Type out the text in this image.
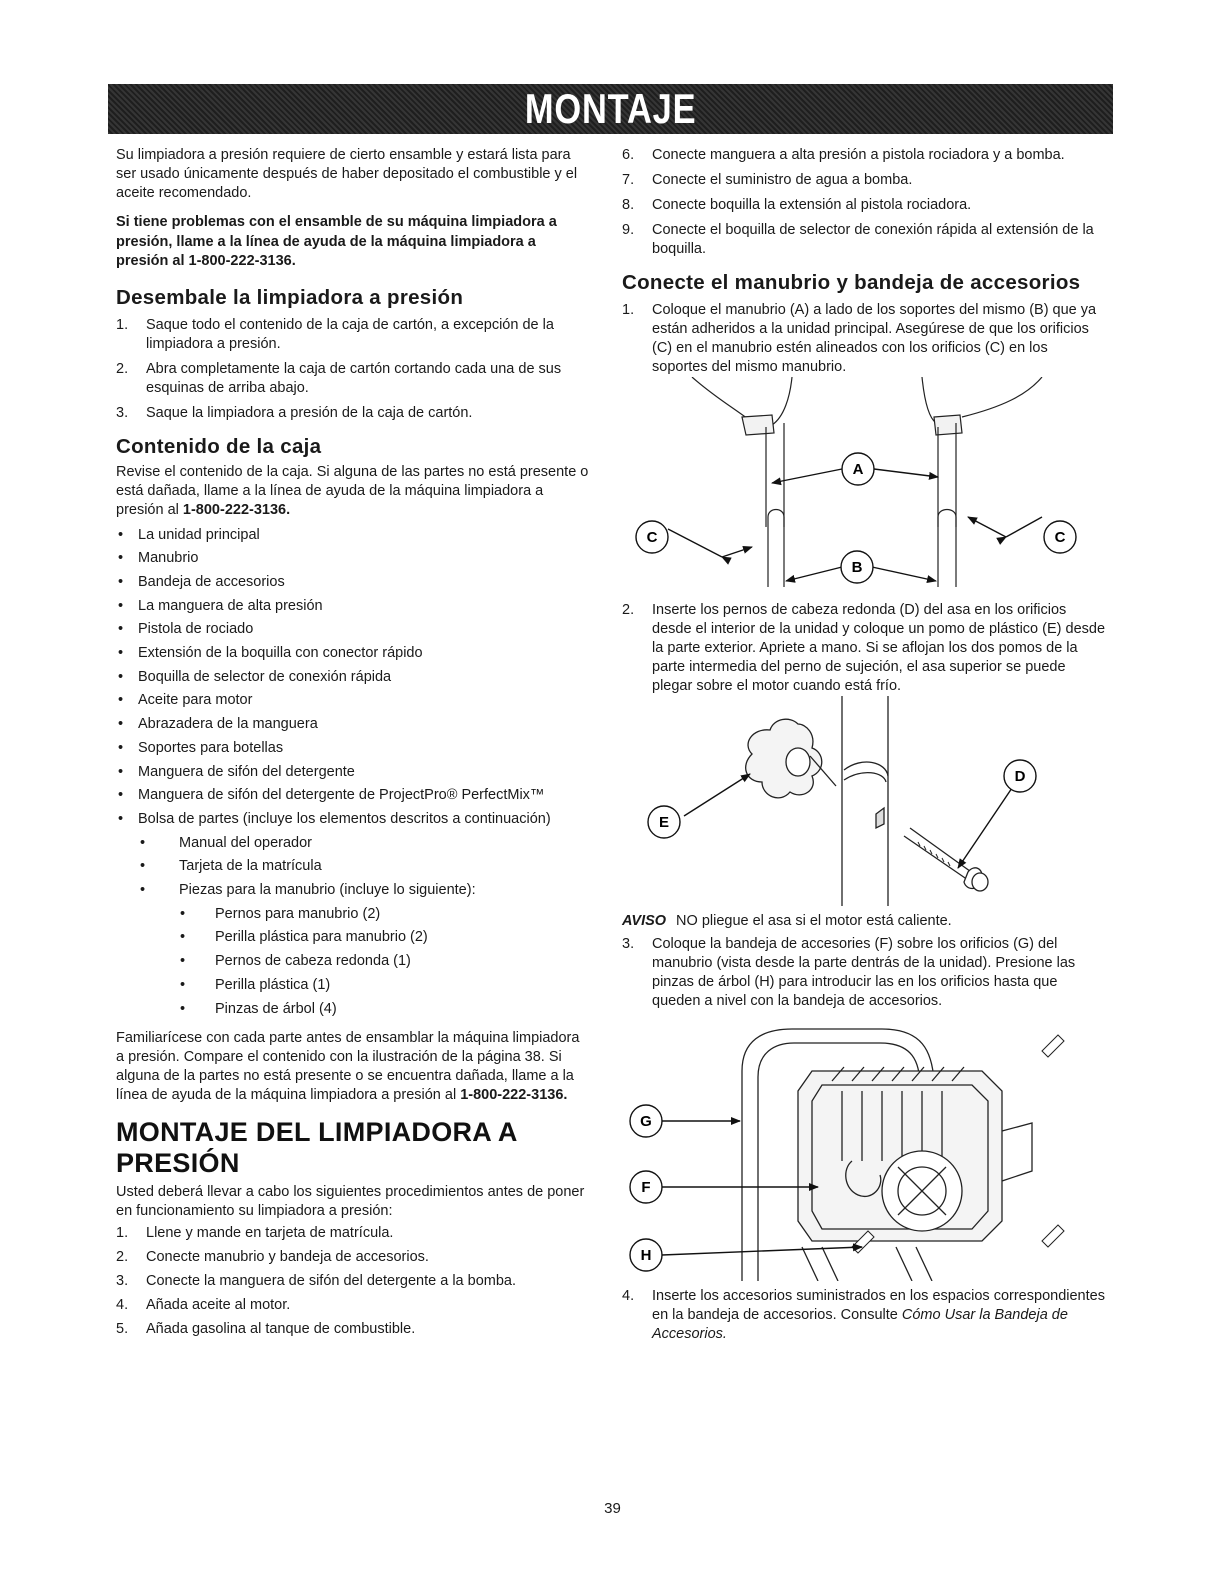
MONTAJE

Su limpiadora a presión requiere de cierto ensamble y estará lista para ser usado únicamente después de haber depositado el combustible y el aceite recomendado.

Si tiene problemas con el ensamble de su máquina limpiadora a presión, llame a la línea de ayuda de la máquina limpiadora a presión al 1-800-222-3136.

Desembale la limpiadora a presión
1. Saque todo el contenido de la caja de cartón, a excepción de la limpiadora a presión.
2. Abra completamente la caja de cartón cortando cada una de sus esquinas de arriba abajo.
3. Saque la limpiadora a presión de la caja de cartón.
Contenido de la caja

Revise el contenido de la caja. Si alguna de las partes no está presente o está dañada, llame a la línea de ayuda de la máquina limpiadora a presión al 1-800-222-3136.

• La unidad principal
• Manubrio
• Bandeja de accesorios
• La manguera de alta presión
• Pistola de rociado
• Extensión de la boquilla con conector rápido
• Boquilla de selector de conexión rápida
• Aceite para motor
• Abrazadera de la manguera
• Soportes para botellas
• Manguera de sifón del detergente
• Manguera de sifón del detergente de ProjectPro® PerfectMix™
• Bolsa de partes (incluye los elementos descritos a continuación)
• Manual del operador
• Tarjeta de la matrícula
• Piezas para la manubrio (incluye lo siguiente):
• Pernos para manubrio (2)
• Perilla plástica para manubrio (2)
• Pernos de cabeza redonda (1)
• Perilla plástica (1)
• Pinzas de árbol (4)

Familiarícese con cada parte antes de ensamblar la máquina limpiadora a presión. Compare el contenido con la ilustración de la página 38. Si alguna de la partes no está presente o se encuentra dañada, llame a la línea de ayuda de la máquina limpiadora a presión al 1-800-222-3136.

MONTAJE DEL LIMPIADORA A PRESIÓN

Usted deberá llevar a cabo los siguientes procedimientos antes de poner en funcionamiento su limpiadora a presión:

1. Llene y mande en tarjeta de matrícula.
2. Conecte manubrio y bandeja de accesorios.
3. Conecte la manguera de sifón del detergente a la bomba.
4. Añada aceite al motor.
5. Añada gasolina al tanque de combustible.
6. Conecte manguera a alta presión a pistola rociadora y a bomba.
7. Conecte el suministro de agua a bomba.
8. Conecte boquilla la extensión al pistola rociadora.
9. Conecte el boquilla de selector de conexión rápida al extensión de la boquilla.
Conecte el manubrio y bandeja de accesorios
1. Coloque el manubrio (A) a lado de los soportes del mismo (B) que ya están adheridos a la unidad principal. Asegúrese de que los orificios (C) en el manubrio estén alineados con los orificios (C) en los soportes del mismo manubrio.
A
B
C	C
2. Inserte los pernos de cabeza redonda (D) del asa en los orificios desde el interior de la unidad y coloque un pomo de plástico (E) desde la parte exterior. Apriete a mano. Si se aflojan los dos pomos de la parte intermedia del perno de sujeción, el asa superior se puede plegar sobre el motor cuando está frío.
E
D

AVISO NO pliegue el asa si el motor está caliente.

3. Coloque la bandeja de accesories (F) sobre los orificios (G) del manubrio (vista desde la parte dentrás de la unidad). Presione las pinzas de árbol (H) para introducir las en los orificios hasta que queden a nivel con la bandeja de accesorios.
G
F
H
4. Inserte los accesorios suministrados en los espacios correspondientes en la bandeja de accesorios. Consulte Cómo Usar la Bandeja de Accesorios.
39
